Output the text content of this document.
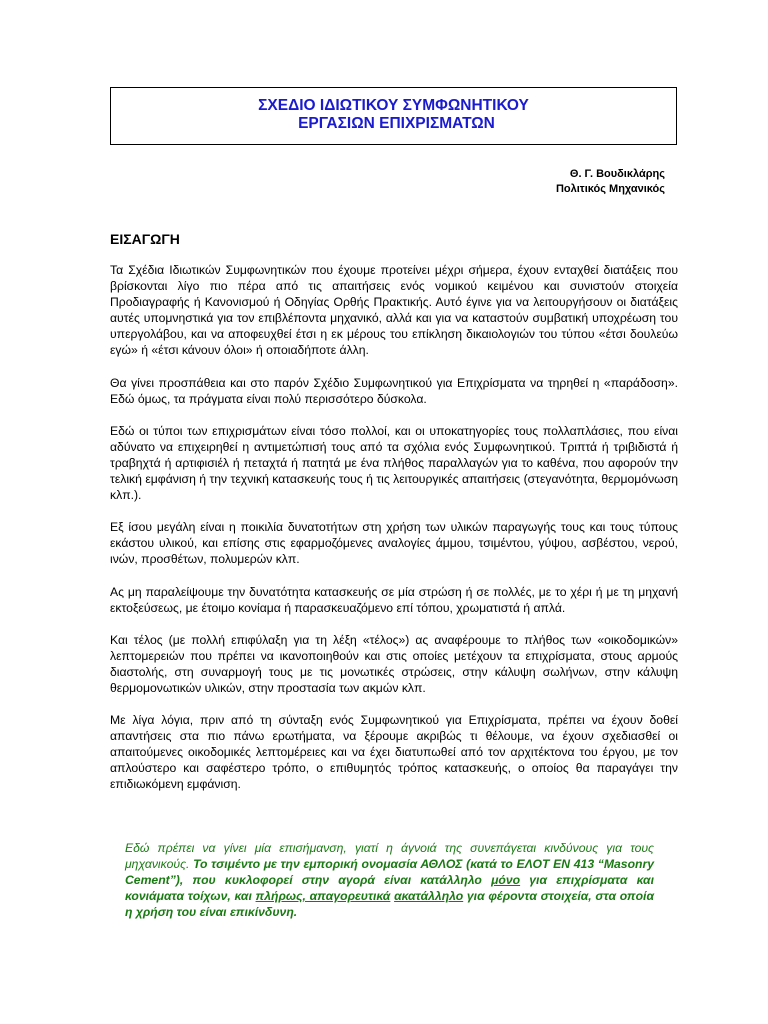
ΣΧΕΔΙΟ ΙΔΙΩΤΙΚΟΥ ΣΥΜΦΩΝΗΤΙΚΟΥ

ΕΡΓΑΣΙΩΝ ΕΠΙΧΡΙΣΜΑΤΩΝ
Θ. Γ. Βουδικλάρης
Πολιτικός Μηχανικός
ΕΙΣΑΓΩΓΗ

Τα Σχέδια Ιδιωτικών Συμφωνητικών που έχουμε προτείνει μέχρι σήμερα, έχουν ενταχθεί διατάξεις που βρίσκονται λίγο πιο πέρα από τις απαιτήσεις ενός νομικού κειμένου και συνιστούν στοιχεία Προδιαγραφής ή Κανονισμού ή Οδηγίας Ορθής Πρακτικής. Αυτό έγινε για να λειτουργήσουν οι διατάξεις αυτές υπομνηστικά για τον επιβλέποντα μηχανικό, αλλά και για να καταστούν συμβατική υποχρέωση του υπεργολάβου, και να αποφευχθεί έτσι η εκ μέρους του επίκληση δικαιολογιών του τύπου «έτσι δουλεύω εγώ» ή «έτσι κάνουν όλοι» ή οποιαδήποτε άλλη.

Θα γίνει προσπάθεια και στο παρόν Σχέδιο Συμφωνητικού για Επιχρίσματα να τηρηθεί η «παράδοση». Εδώ όμως, τα πράγματα είναι πολύ περισσότερο δύσκολα.

Εδώ οι τύποι των επιχρισμάτων είναι τόσο πολλοί, και οι υποκατηγορίες τους πολλαπλάσιες, που είναι αδύνατο να επιχειρηθεί η αντιμετώπισή τους από τα σχόλια ενός Συμφωνητικού. Τριπτά ή τριβιδιστά ή τραβηχτά ή αρτιφισιέλ ή πεταχτά ή πατητά με ένα πλήθος παραλλαγών για το καθένα, που αφορούν την τελική εμφάνιση ή την τεχνική κατασκευής τους ή τις λειτουργικές απαιτήσεις (στεγανότητα, θερμομόνωση κλπ.).

Εξ ίσου μεγάλη είναι η ποικιλία δυνατοτήτων στη χρήση των υλικών παραγωγής τους και τους τύπους εκάστου υλικού, και επίσης στις εφαρμοζόμενες αναλογίες άμμου, τσιμέντου, γύψου, ασβέστου, νερού, ινών, προσθέτων, πολυμερών κλπ.

Ας μη παραλείψουμε την δυνατότητα κατασκευής σε μία στρώση ή σε πολλές, με το χέρι ή με τη μηχανή εκτοξεύσεως, με έτοιμο κονίαμα ή παρασκευαζόμενο επί τόπου, χρωματιστά ή απλά.

Και τέλος (με πολλή επιφύλαξη για τη λέξη «τέλος») ας αναφέρουμε το πλήθος των «οικοδομικών» λεπτομερειών που πρέπει να ικανοποιηθούν και στις οποίες μετέχουν τα επιχρίσματα, στους αρμούς διαστολής, στη συναρμογή τους με τις μονωτικές στρώσεις, στην κάλυψη σωλήνων, στην κάλυψη θερμομονωτικών υλικών, στην προστασία των ακμών κλπ.

Με λίγα λόγια, πριν από τη σύνταξη ενός Συμφωνητικού για Επιχρίσματα, πρέπει να έχουν δοθεί απαντήσεις στα πιο πάνω ερωτήματα, να ξέρουμε ακριβώς τι θέλουμε, να έχουν σχεδιασθεί οι απαιτούμενες οικοδομικές λεπτομέρειες και να έχει διατυπωθεί από τον αρχιτέκτονα του έργου, με τον απλούστερο και σαφέστερο τρόπο, ο επιθυμητός τρόπος κατασκευής, ο οποίος θα παραγάγει την επιδιωκόμενη εμφάνιση.

Εδώ πρέπει να γίνει μία επισήμανση, γιατί η άγνοιά της συνεπάγεται κινδύνους για τους μηχανικούς. Το τσιμέντο με την εμπορική ονομασία ΑΘΛΟΣ (κατά το ΕΛΟΤ ΕΝ 413 “Masonry Cement”), που κυκλοφορεί στην αγορά είναι κατάλληλο μόνο για επιχρίσματα και κονιάματα τοίχων, και πλήρως, απαγορευτικά ακατάλληλο για φέροντα στοιχεία, στα οποία η χρήση του είναι επικίνδυνη.
